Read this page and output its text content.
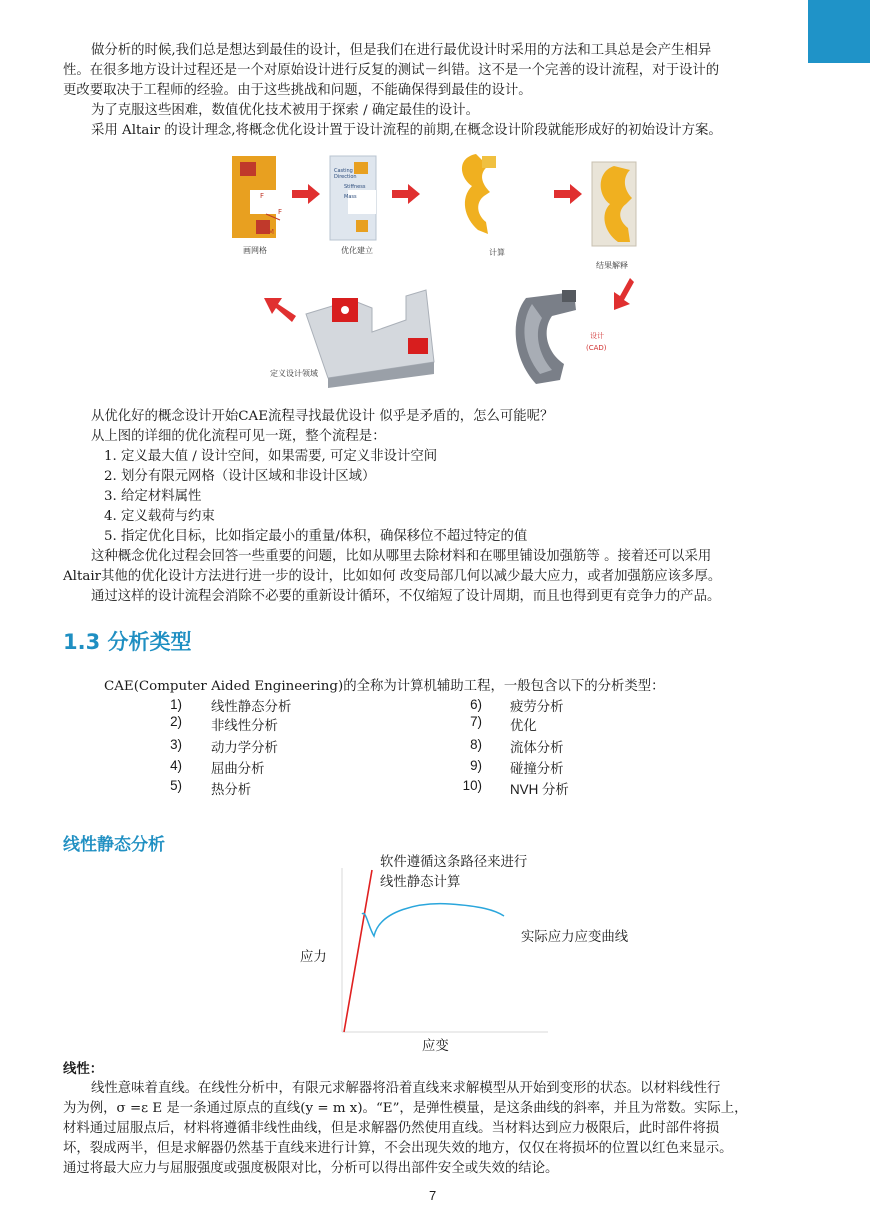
做分析的时候,我们总是想达到最佳的设计，但是我们在进行最优设计时采用的方法和工具总是会产生相异
性。在很多地方设计过程还是一个对原始设计进行反复的测试－纠错。这不是一个完善的设计流程，对于设计的
更改要取决于工程师的经验。由于这些挑战和问题，不能确保得到最佳的设计。
为了克服这些困难，数值优化技术被用于探索 / 确定最佳的设计。
采用 Altair 的设计理念,将概念优化设计置于设计流程的前期,在概念设计阶段就能形成好的初始设计方案。
F
F
M
Casting
Direction
Stiffness
Mass
设计
(CAD)
画网格	优化建立	计算
结果解释
定义设计领域
从优化好的概念设计开始CAE流程寻找最优设计 似乎是矛盾的，怎么可能呢？
从上图的详细的优化流程可见一斑，整个流程是：
1. 定义最大值 / 设计空间，如果需要, 可定义非设计空间
2. 划分有限元网格（设计区域和非设计区域）
3. 给定材料属性
4. 定义载荷与约束
5. 指定优化目标，比如指定最小的重量/体积，确保移位不超过特定的值
这种概念优化过程会回答一些重要的问题，比如从哪里去除材料和在哪里铺设加强筋等 。接着还可以采用
Altair其他的优化设计方法进行进一步的设计，比如如何 改变局部几何以减少最大应力，或者加强筋应该多厚。
通过这样的设计流程会消除不必要的重新设计循环，不仅缩短了设计周期，而且也得到更有竞争力的产品。
1.3 分析类型
CAE(Computer Aided Engineering)的全称为计算机辅助工程，一般包含以下的分析类型：
1) 线性静态分析
2) 非线性分析
3) 动力学分析
4) 屈曲分析
5) 热分析
6) 疲劳分析
7) 优化
8) 流体分析
9) 碰撞分析
10) NVH 分析
线性静态分析
软件遵循这条路径来进行
线性静态计算
实际应力应变曲线
应力
应变
线性：
线性意味着直线。在线性分析中，有限元求解器将沿着直线来求解模型从开始到变形的状态。以材料线性行
为为例，σ =ε E 是一条通过原点的直线(y = m x)。“E”，是弹性模量，是这条曲线的斜率，并且为常数。实际上，
材料通过屈服点后，材料将遵循非线性曲线，但是求解器仍然使用直线。当材料达到应力极限后，此时部件将损
坏，裂成两半，但是求解器仍然基于直线来进行计算，不会出现失效的地方，仅仅在将损坏的位置以红色来显示。
通过将最大应力与屈服强度或强度极限对比，分析可以得出部件安全或失效的结论。
7
